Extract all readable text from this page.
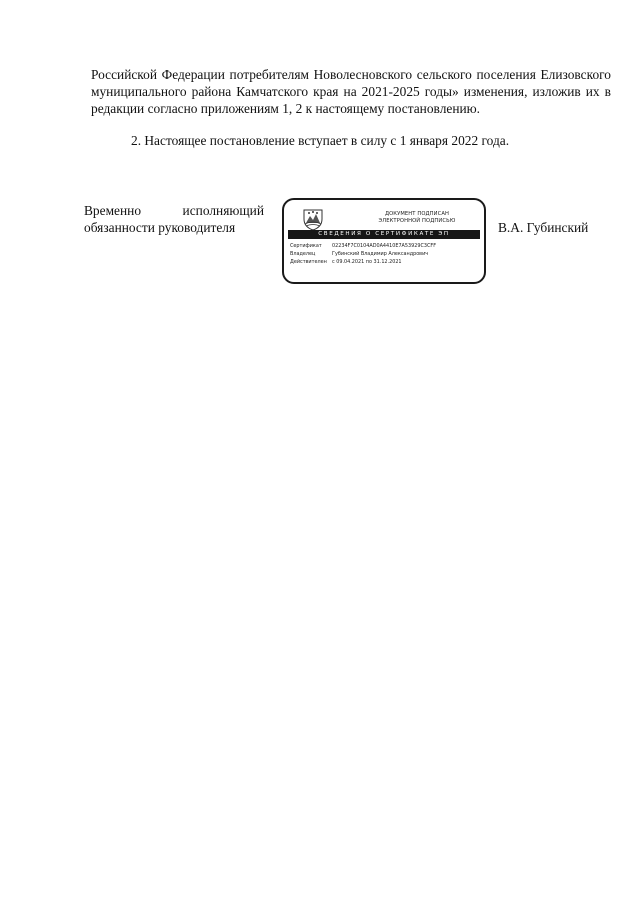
Российской Федерации потребителям Новолесновского сельского поселения Елизовского муниципального района Камчатского края на 2021-2025 годы» изменения, изложив их в редакции согласно приложениям 1, 2 к настоящему постановлению.

2. Настоящее постановление вступает в силу с 1 января 2022 года.

Временно	исполняющий
обязанности руководителя
ДОКУМЕНТ ПОДПИСАН
ЭЛЕКТРОННОЙ ПОДПИСЬЮ
СВЕДЕНИЯ О СЕРТИФИКАТЕ ЭП
Сертификат	02234F7C0104AD0A4410E7A53929C3CFF
Владелец	Губинский Владимир Александрович
Действителен	с 09.04.2021 по 31.12.2021
В.А. Губинский
